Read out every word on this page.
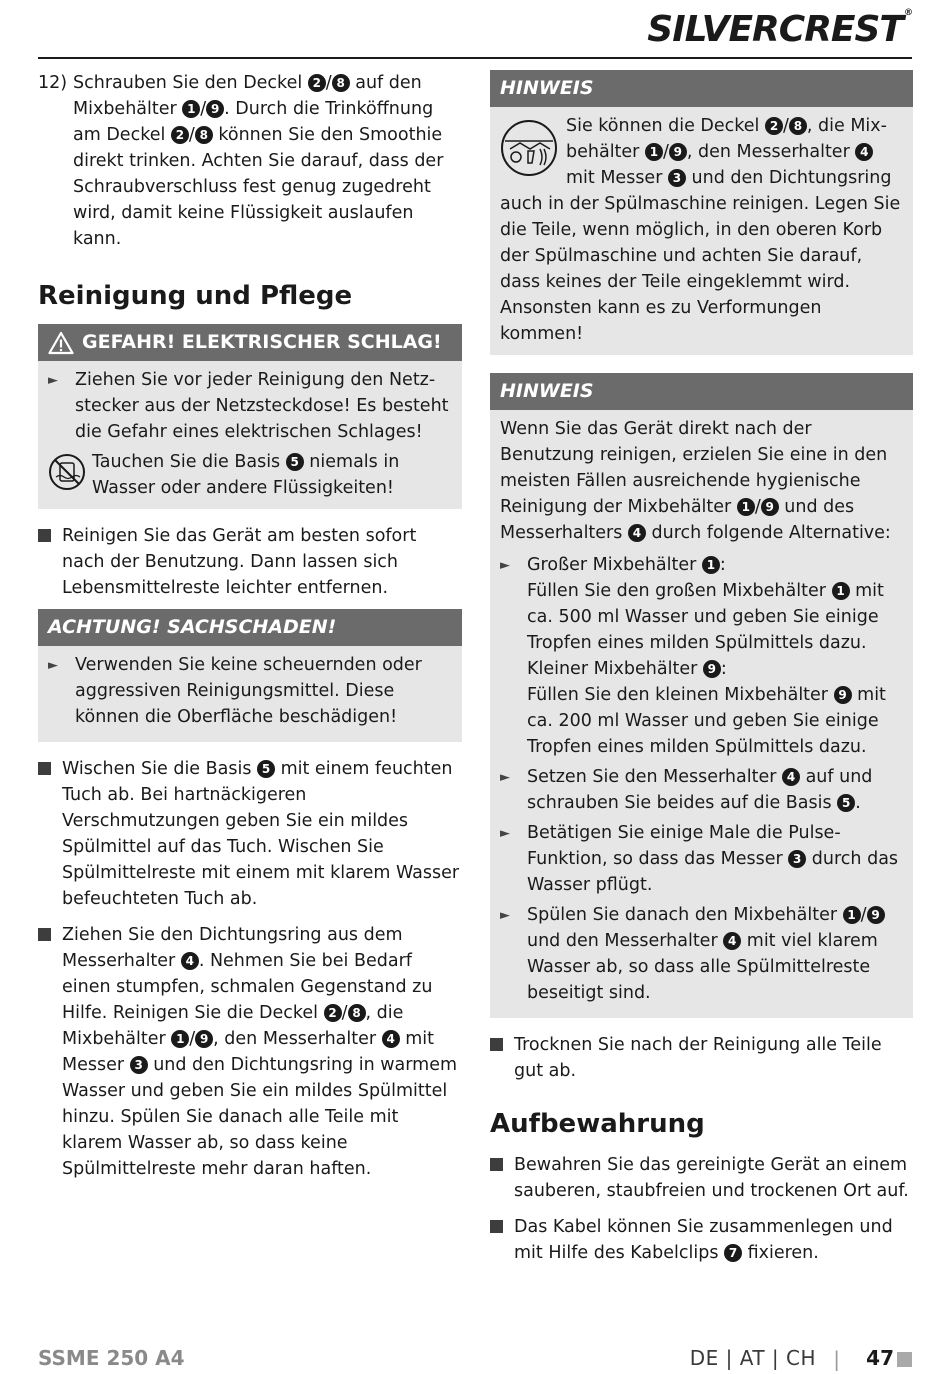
SILVERCREST®
12) Schrauben Sie den Deckel 2 / 8 auf den Mixbehälter 1 / 9 . Durch die Trinköffnung am Deckel 2 / 8 können Sie den Smoothie direkt trinken. Achten Sie darauf, dass der Schraubverschluss fest genug zugedreht wird, damit keine Flüssigkeit auslaufen kann.
Reinigung und Pflege
GEFAHR! ELEKTRISCHER SCHLAG!
► Ziehen Sie vor jeder Reinigung den Netzstecker aus der Netzsteckdose! Es besteht die Gefahr eines elektrischen Schlages!
Tauchen Sie die Basis 5 niemals in Wasser oder andere Flüssigkeiten!
Reinigen Sie das Gerät am besten sofort nach der Benutzung. Dann lassen sich Lebensmittelreste leichter entfernen.
ACHTUNG! SACHSCHADEN!
► Verwenden Sie keine scheuernden oder aggressiven Reinigungsmittel. Diese können die Oberfläche beschädigen!
Wischen Sie die Basis 5 mit einem feuchten Tuch ab. Bei hartnäckigeren Verschmutzungen geben Sie ein mildes Spülmittel auf das Tuch. Wischen Sie Spülmittelreste mit einem mit klarem Wasser befeuchteten Tuch ab.
Ziehen Sie den Dichtungsring aus dem Messerhalter 4 . Nehmen Sie bei Bedarf einen stumpfen, schmalen Gegenstand zu Hilfe. Reinigen Sie die Deckel 2 / 8 , die Mixbehälter 1 / 9 , den Messerhalter 4 mit Messer 3 und den Dichtungsring in warmem Wasser und geben Sie ein mildes Spülmittel hinzu. Spülen Sie danach alle Teile mit klarem Wasser ab, so dass keine Spülmittelreste mehr daran haften.
HINWEIS
Sie können die Deckel 2 / 8 , die Mixbehälter 1 / 9 , den Messerhalter 4 mit Messer 3 und den Dichtungsring auch in der Spülmaschine reinigen. Legen Sie die Teile, wenn möglich, in den oberen Korb der Spülmaschine und achten Sie darauf, dass keines der Teile eingeklemmt wird. Ansonsten kann es zu Verformungen kommen!
HINWEIS
Wenn Sie das Gerät direkt nach der Benutzung reinigen, erzielen Sie eine in den meisten Fällen ausreichende hygienische Reinigung der Mixbehälter 1 / 9 und des Messerhalters 4 durch folgende Alternative:
► Großer Mixbehälter 1 :
Füllen Sie den großen Mixbehälter 1 mit ca. 500 ml Wasser und geben Sie einige Tropfen eines milden Spülmittels dazu.
Kleiner Mixbehälter 9 :
Füllen Sie den kleinen Mixbehälter 9 mit ca. 200 ml Wasser und geben Sie einige Tropfen eines milden Spülmittels dazu.
► Setzen Sie den Messerhalter 4 auf und schrauben Sie beides auf die Basis 5 .
► Betätigen Sie einige Male die Pulse-Funktion, so dass das Messer 3 durch das Wasser pflügt.
► Spülen Sie danach den Mixbehälter 1 / 9 und den Messerhalter 4 mit viel klarem Wasser ab, so dass alle Spülmittelreste beseitigt sind.
Trocknen Sie nach der Reinigung alle Teile gut ab.
Aufbewahrung
Bewahren Sie das gereinigte Gerät an einem sauberen, staubfreien und trockenen Ort auf.
Das Kabel können Sie zusammenlegen und mit Hilfe des Kabelclips 7 fixieren.
SSME 250 A4	DE | AT | CH | 47
